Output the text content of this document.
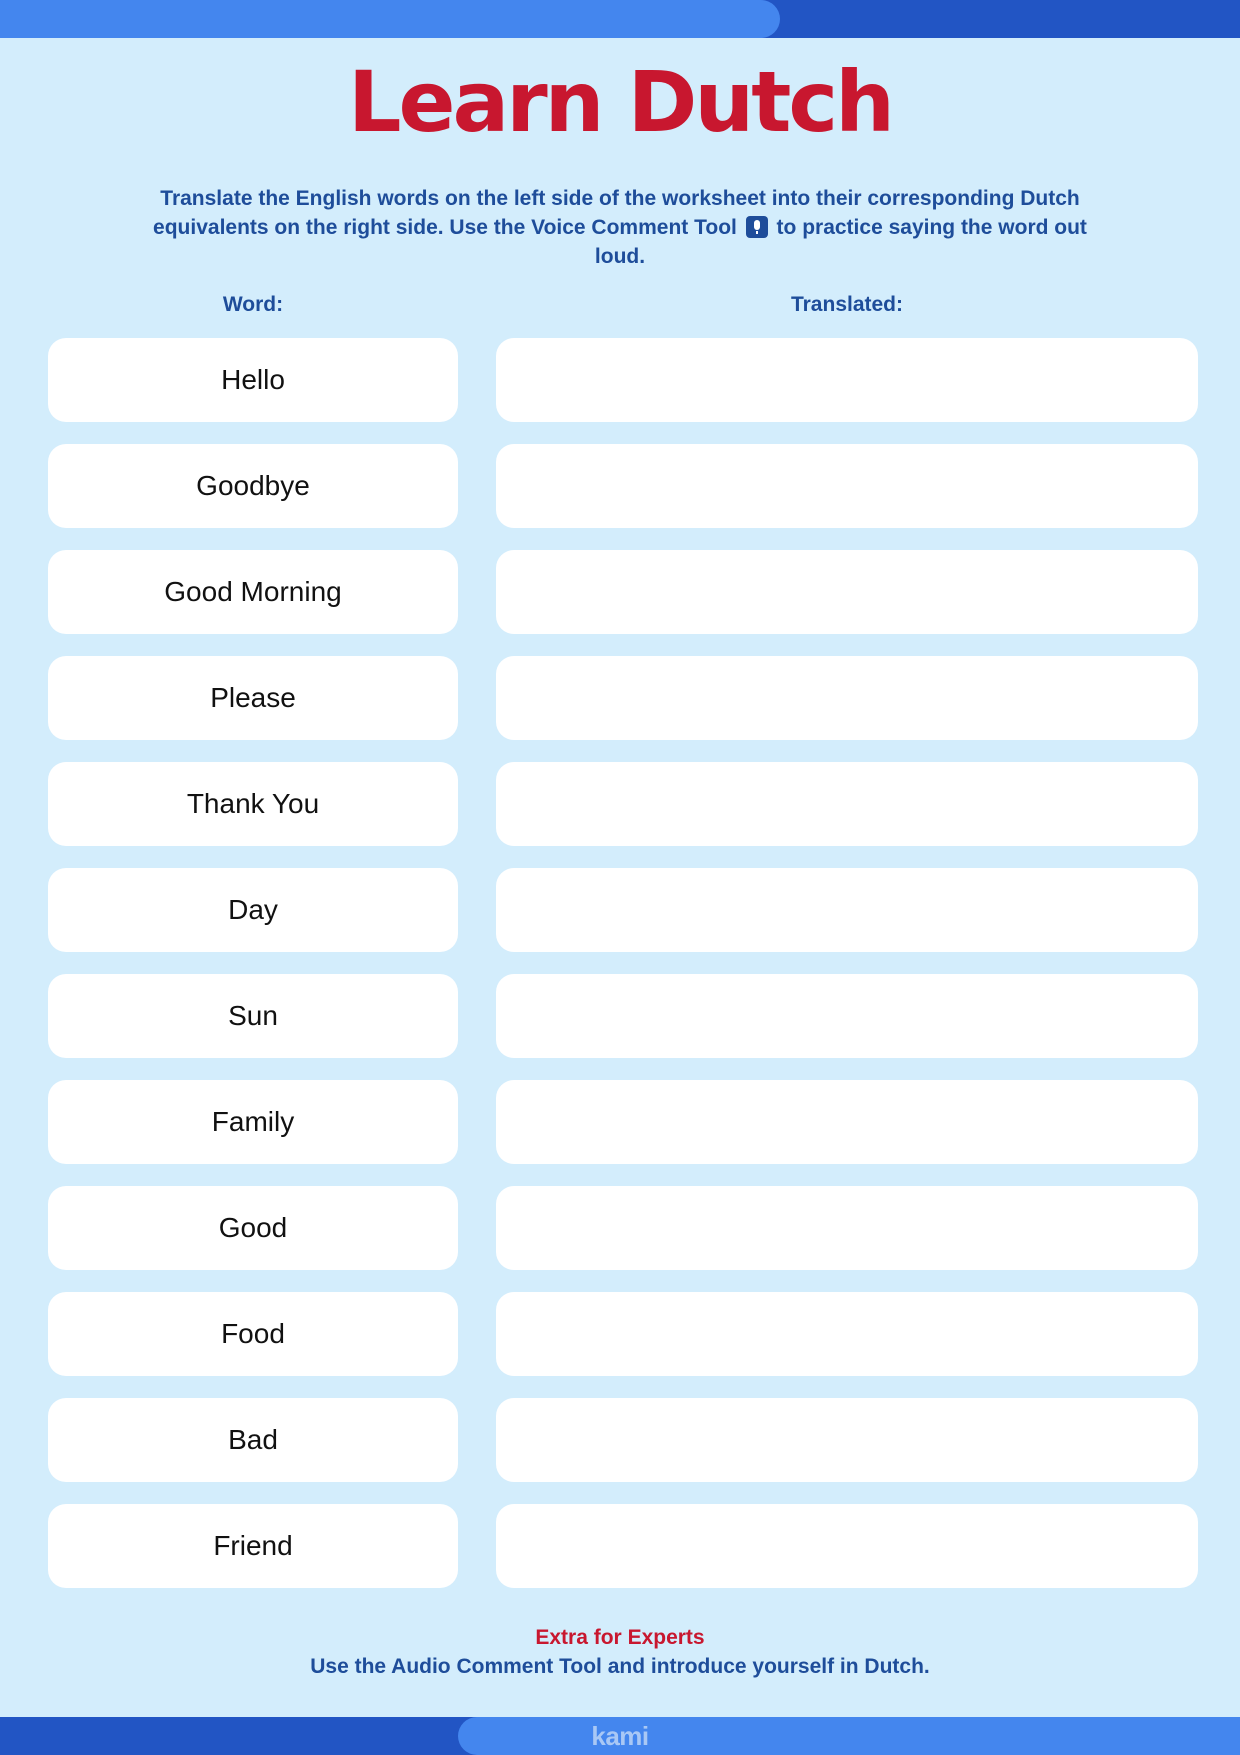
Learn Dutch
Translate the English words on the left side of the worksheet into their corresponding Dutch equivalents on the right side. Use the Voice Comment Tool to practice saying the word out loud.
Word:	Translated:
Hello
Goodbye
Good Morning
Please
Thank You
Day
Sun
Family
Good
Food
Bad
Friend
Extra for Experts
Use the Audio Comment Tool and introduce yourself in Dutch.
kami
